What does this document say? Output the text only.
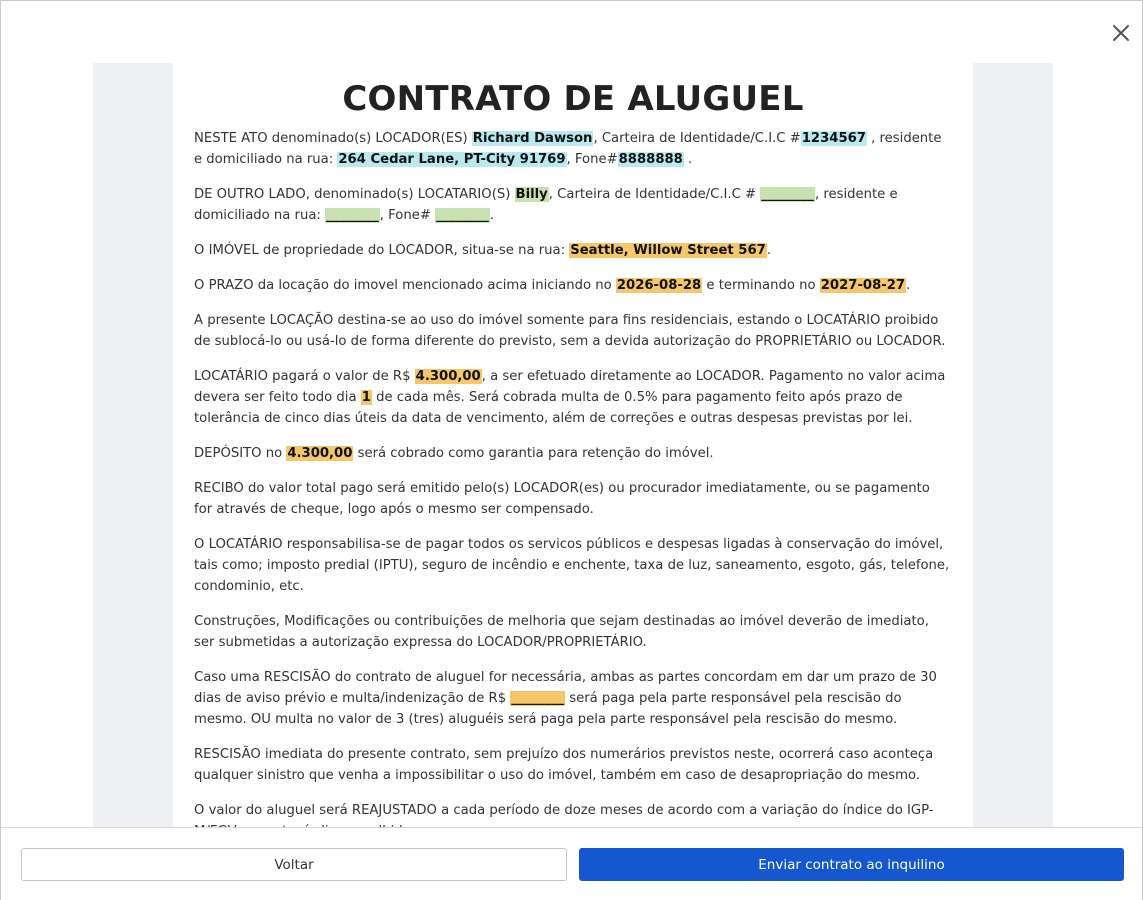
CONTRATO DE ALUGUEL

NESTE ATO denominado(s) LOCADOR(ES) Richard Dawson, Carteira de Identidade/C.I.C #1234567 , residente e domiciliado na rua: 264 Cedar Lane, PT-City 91769, Fone#8888888 .

DE OUTRO LADO, denominado(s) LOCATARIO(S) Billy, Carteira de Identidade/C.I.C # ________, residente e domiciliado na rua: ________, Fone# ________.

O IMÓVEL de propriedade do LOCADOR, situa-se na rua: Seattle, Willow Street 567.

O PRAZO da locação do imovel mencionado acima iniciando no 2026-08-28 e terminando no 2027-08-27.

A presente LOCAÇÃO destina-se ao uso do imóvel somente para fins residenciais, estando o LOCATÁRIO proibido de sublocá-lo ou usá-lo de forma diferente do previsto, sem a devida autorização do PROPRIETÁRIO ou LOCADOR.

LOCATÁRIO pagará o valor de R$ 4.300,00, a ser efetuado diretamente ao LOCADOR. Pagamento no valor acima devera ser feito todo dia 1 de cada mês. Será cobrada multa de 0.5% para pagamento feito após prazo de tolerância de cinco dias úteis da data de vencimento, além de correções e outras despesas previstas por lei.

DEPÓSITO no 4.300,00 será cobrado como garantia para retenção do imóvel.

RECIBO do valor total pago será emitido pelo(s) LOCADOR(es) ou procurador imediatamente, ou se pagamento for através de cheque, logo após o mesmo ser compensado.

O LOCATÁRIO responsabilisa-se de pagar todos os servicos públicos e despesas ligadas à conservação do imóvel, tais como; imposto predial (IPTU), seguro de incêndio e enchente, taxa de luz, saneamento, esgoto, gás, telefone, condominio, etc.

Construções, Modificações ou contribuições de melhoria que sejam destinadas ao imóvel deverão de imediato, ser submetidas a autorização expressa do LOCADOR/PROPRIETÁRIO.

Caso uma RESCISÃO do contrato de aluguel for necessária, ambas as partes concordam em dar um prazo de 30 dias de aviso prévio e multa/indenização de R$ ________ será paga pela parte responsável pela rescisão do mesmo. OU multa no valor de 3 (tres) aluguéis será paga pela parte responsável pela rescisão do mesmo.

RESCISÃO imediata do presente contrato, sem prejuízo dos numerários previstos neste, ocorrerá caso aconteça qualquer sinistro que venha a impossibilitar o uso do imóvel, também em caso de desapropriação do mesmo.

O valor do aluguel será REAJUSTADO a cada período de doze meses de acordo com a variação do índice do IGP-

Voltar	Enviar contrato ao inquilino
